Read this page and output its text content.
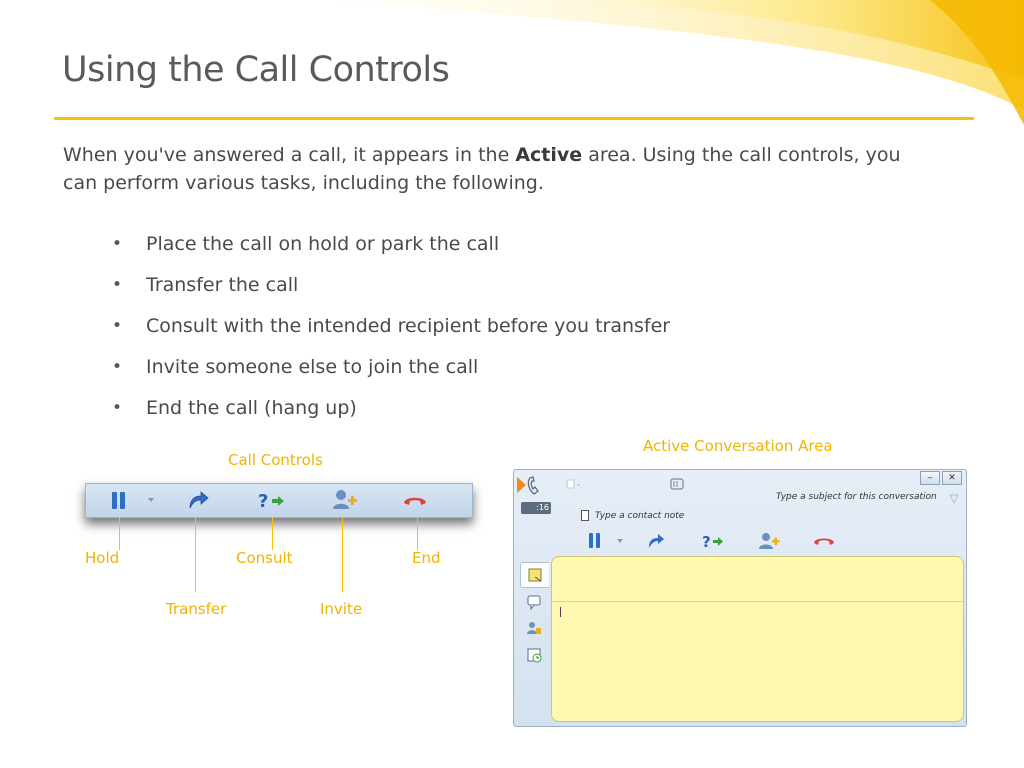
Using the Call Controls

When you've answered a call, it appears in the Active area. Using the call controls, you can perform various tasks, including the following.

• Place the call on hold or park the call
• Transfer the call
• Consult with the intended recipient before you transfer
• Invite someone else to join the call
• End the call (hang up)
Call Controls
?
Hold	Consult	End
Transfer	Invite
Active Conversation Area
‒	✕
Type a subject for this conversation
:16
Type a contact note
?
